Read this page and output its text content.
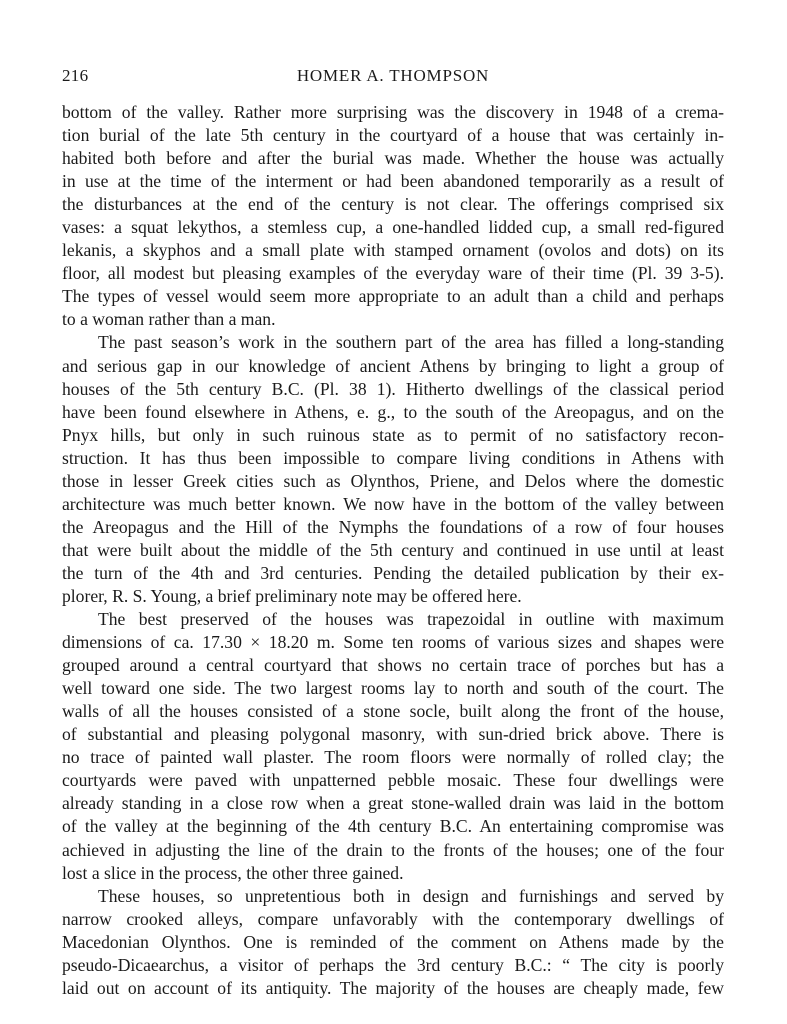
216	HOMER A. THOMPSON
bottom of the valley. Rather more surprising was the discovery in 1948 of a crema-
tion burial of the late 5th century in the courtyard of a house that was certainly in-
habited both before and after the burial was made. Whether the house was actually
in use at the time of the interment or had been abandoned temporarily as a result of
the disturbances at the end of the century is not clear. The offerings comprised six
vases: a squat lekythos, a stemless cup, a one-handled lidded cup, a small red-figured
lekanis, a skyphos and a small plate with stamped ornament (ovolos and dots) on its
floor, all modest but pleasing examples of the everyday ware of their time (Pl. 39 3-5).
The types of vessel would seem more appropriate to an adult than a child and perhaps
to a woman rather than a man.
The past season’s work in the southern part of the area has filled a long-standing
and serious gap in our knowledge of ancient Athens by bringing to light a group of
houses of the 5th century B.C. (Pl. 38 1). Hitherto dwellings of the classical period
have been found elsewhere in Athens, e. g., to the south of the Areopagus, and on the
Pnyx hills, but only in such ruinous state as to permit of no satisfactory recon-
struction. It has thus been impossible to compare living conditions in Athens with
those in lesser Greek cities such as Olynthos, Priene, and Delos where the domestic
architecture was much better known. We now have in the bottom of the valley between
the Areopagus and the Hill of the Nymphs the foundations of a row of four houses
that were built about the middle of the 5th century and continued in use until at least
the turn of the 4th and 3rd centuries. Pending the detailed publication by their ex-
plorer, R. S. Young, a brief preliminary note may be offered here.
The best preserved of the houses was trapezoidal in outline with maximum
dimensions of ca. 17.30 × 18.20 m. Some ten rooms of various sizes and shapes were
grouped around a central courtyard that shows no certain trace of porches but has a
well toward one side. The two largest rooms lay to north and south of the court. The
walls of all the houses consisted of a stone socle, built along the front of the house,
of substantial and pleasing polygonal masonry, with sun-dried brick above. There is
no trace of painted wall plaster. The room floors were normally of rolled clay; the
courtyards were paved with unpatterned pebble mosaic. These four dwellings were
already standing in a close row when a great stone-walled drain was laid in the bottom
of the valley at the beginning of the 4th century B.C. An entertaining compromise was
achieved in adjusting the line of the drain to the fronts of the houses; one of the four
lost a slice in the process, the other three gained.
These houses, so unpretentious both in design and furnishings and served by
narrow crooked alleys, compare unfavorably with the contemporary dwellings of
Macedonian Olynthos. One is reminded of the comment on Athens made by the
pseudo-Dicaearchus, a visitor of perhaps the 3rd century B.C.: “ The city is poorly
laid out on account of its antiquity. The majority of the houses are cheaply made, few
